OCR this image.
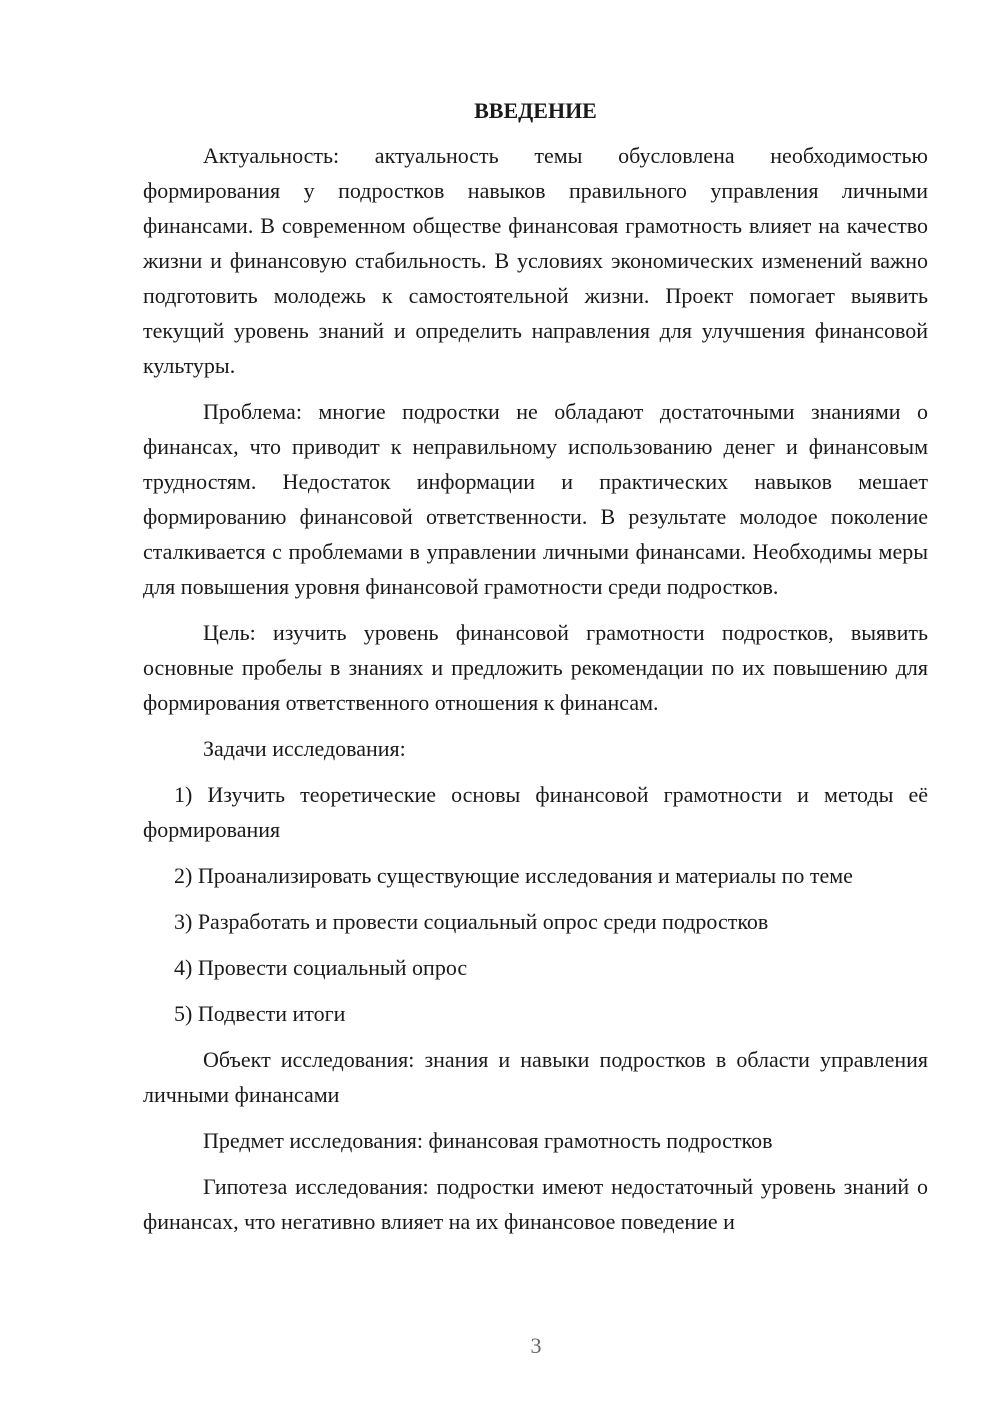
ВВЕДЕНИЕ

Актуальность: актуальность темы обусловлена необходимостью формирования у подростков навыков правильного управления личными финансами. В современном обществе финансовая грамотность влияет на качество жизни и финансовую стабильность. В условиях экономических изменений важно подготовить молодежь к самостоятельной жизни. Проект помогает выявить текущий уровень знаний и определить направления для улучшения финансовой культуры.

Проблема: многие подростки не обладают достаточными знаниями о финансах, что приводит к неправильному использованию денег и финансовым трудностям. Недостаток информации и практических навыков мешает формированию финансовой ответственности. В результате молодое поколение сталкивается с проблемами в управлении личными финансами. Необходимы меры для повышения уровня финансовой грамотности среди подростков.

Цель: изучить уровень финансовой грамотности подростков, выявить основные пробелы в знаниях и предложить рекомендации по их повышению для формирования ответственного отношения к финансам.

Задачи исследования:

1) Изучить теоретические основы финансовой грамотности и методы её формирования

2) Проанализировать существующие исследования и материалы по теме

3) Разработать и провести социальный опрос среди подростков

4) Провести социальный опрос

5) Подвести итоги

Объект исследования: знания и навыки подростков в области управления личными финансами

Предмет исследования: финансовая грамотность подростков

Гипотеза исследования: подростки имеют недостаточный уровень знаний о финансах, что негативно влияет на их финансовое поведение и

3
